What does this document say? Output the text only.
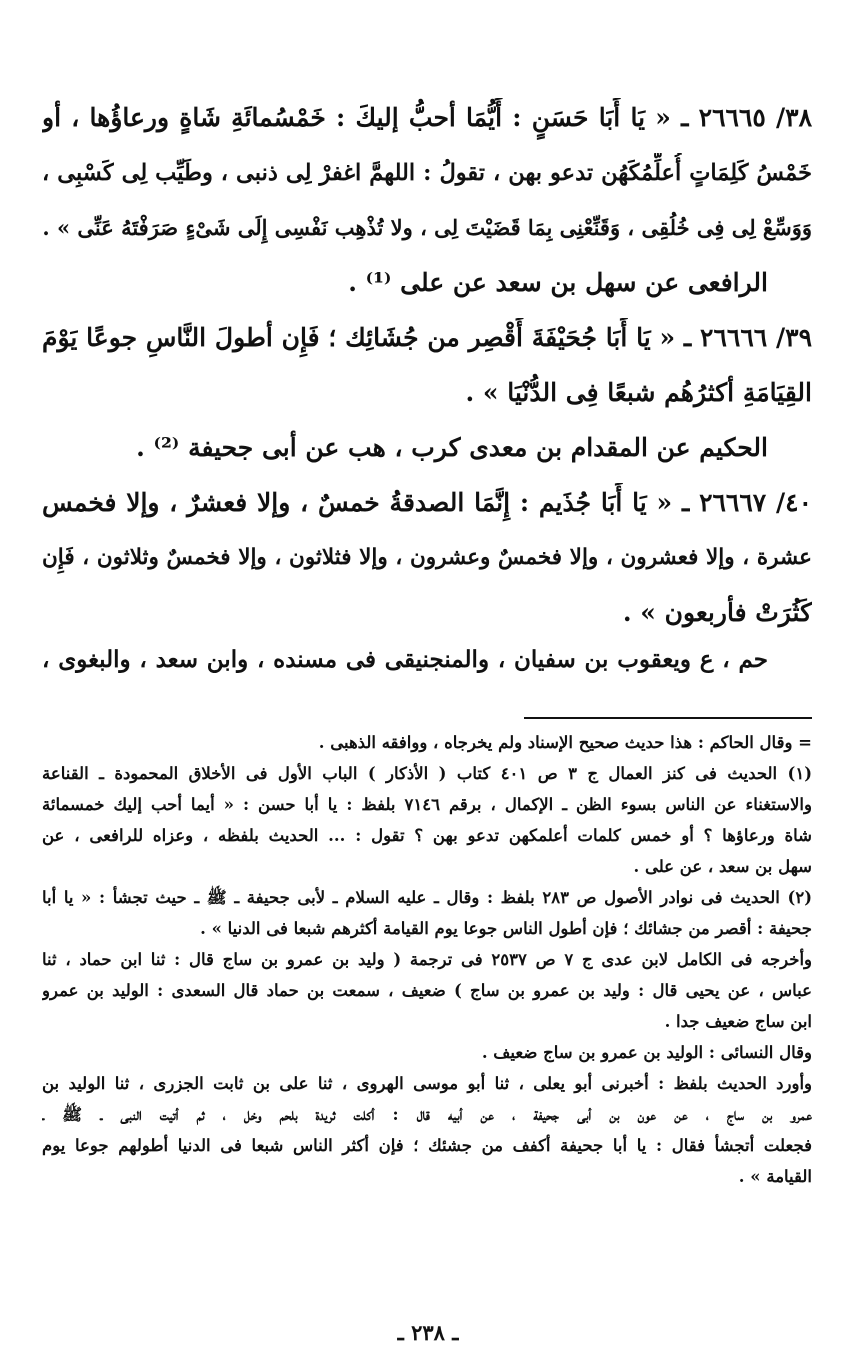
٣٨/ ٢٦٦٦٥ ـ « يَا أَبَا حَسَنٍ : أَيُّمَا أحبُّ إليكَ : خَمْسُمائَةِ شَاةٍ ورعاؤُها ، أو
خَمْسُ كَلِمَاتٍ أُعلِّمُكَهُن تدعو بهن ، تقولُ : اللهمَّ اغفرْ لِى ذنبى ، وطَيِّب لِى كَسْبِى ،
وَوَسِّعْ لِى فِى خُلُقِى ، وَقَنِّعْنِى بِمَا قَضَيْتَ لِى ، ولا تُذْهِب نَفْسِى إِلَى شَىْءٍ صَرَفْتَهُ عَنِّى » .
الرافعى عن سهل بن سعد عن على ⁽¹⁾ .
٣٩/ ٢٦٦٦٦ ـ « يَا أَبَا جُحَيْفَةَ أَقْصِر من جُشَائِك ؛ فَإِن أطولَ النَّاسِ جوعًا يَوْمَ
القِيَامَةِ أكثرُهُم شبعًا فِى الدُّنْيَا » .
الحكيم عن المقدام بن معدى كرب ، هب عن أبى جحيفة ⁽²⁾ .
٤٠/ ٢٦٦٦٧ ـ « يَا أَبَا جُذَيم : إِنَّمَا الصدقةُ خمسٌ ، وإلا فعشرٌ ، وإلا فخمس
عشرة ، وإلا فعشرون ، وإلا فخمسٌ وعشرون ، وإلا فثلاثون ، وإلا فخمسٌ وثلاثون ، فَإِن
كَثُرَتْ فأربعون » .
حم ، ع ويعقوب بن سفيان ، والمنجنيقى فى مسنده ، وابن سعد ، والبغوى ،
= وقال الحاكم : هذا حديث صحيح الإسناد ولم يخرجاه ، ووافقه الذهبى .
(١) الحديث فى كنز العمال ج ٣ ص ٤٠١ كتاب ( الأذكار ) الباب الأول فى الأخلاق المحمودة ـ القناعة
والاستغناء عن الناس بسوء الظن ـ الإكمال ، برقم ٧١٤٦ بلفظ : يا أبا حسن : « أيما أحب إليك خمسمائة
شاة ورعاؤها ؟ أو خمس كلمات أعلمكهن تدعو بهن ؟ تقول : ... الحديث بلفظه ، وعزاه للرافعى ، عن
سهل بن سعد ، عن على .
(٢) الحديث فى نوادر الأصول ص ٢٨٣ بلفظ : وقال ـ عليه السلام ـ لأبى جحيفة ـ ﷺ ـ حيث تجشأ : « يا أبا
جحيفة : أقصر من جشائك ؛ فإن أطول الناس جوعا يوم القيامة أكثرهم شبعا فى الدنيا » .
وأخرجه فى الكامل لابن عدى ج ٧ ص ٢٥٣٧ فى ترجمة ( وليد بن عمرو بن ساج قال : ثنا ابن حماد ، ثنا
عباس ، عن يحيى قال : وليد بن عمرو بن ساج ) ضعيف ، سمعت بن حماد قال السعدى : الوليد بن عمرو
ابن ساج ضعيف جدا .
وقال النسائى : الوليد بن عمرو بن ساج ضعيف .
وأورد الحديث بلفظ : أخبرنى أبو يعلى ، ثنا أبو موسى الهروى ، ثنا على بن ثابت الجزرى ، ثنا الوليد بن
عمرو بن ساج ، عن عون بن أبى جحيفة ، عن أبيه قال : أكلت ثريدة بلحم وخل ، ثم أتيت النبى ـ ﷺ ـ
فجعلت أتجشأ فقال : يا أبا جحيفة أكفف من جشئك ؛ فإن أكثر الناس شبعا فى الدنيا أطولهم جوعا يوم
القيامة » .
ـ ٢٣٨ ـ
